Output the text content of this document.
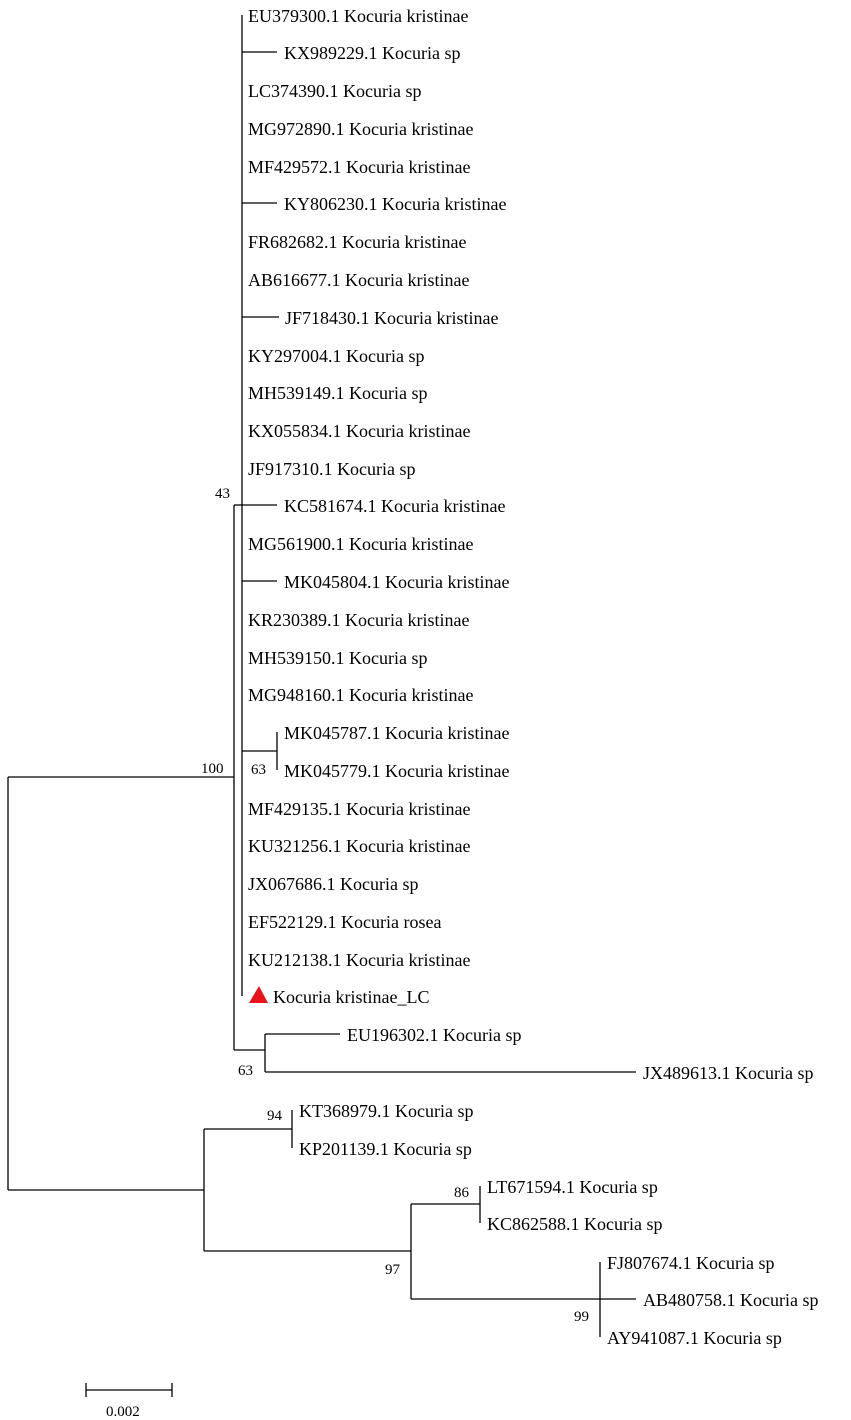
EU379300.1 Kocuria kristinae
KX989229.1 Kocuria sp
LC374390.1 Kocuria sp
MG972890.1 Kocuria kristinae
MF429572.1 Kocuria kristinae
KY806230.1 Kocuria kristinae
FR682682.1 Kocuria kristinae
AB616677.1 Kocuria kristinae
JF718430.1 Kocuria kristinae
KY297004.1 Kocuria sp
MH539149.1 Kocuria sp
KX055834.1 Kocuria kristinae
JF917310.1 Kocuria sp
KC581674.1 Kocuria kristinae
MG561900.1 Kocuria kristinae
MK045804.1 Kocuria kristinae
KR230389.1 Kocuria kristinae
MH539150.1 Kocuria sp
MG948160.1 Kocuria kristinae
MK045787.1 Kocuria kristinae
MK045779.1 Kocuria kristinae
MF429135.1 Kocuria kristinae
KU321256.1 Kocuria kristinae
JX067686.1 Kocuria sp
EF522129.1 Kocuria rosea
KU212138.1 Kocuria kristinae
Kocuria kristinae_LC
EU196302.1 Kocuria sp
JX489613.1 Kocuria sp
KT368979.1 Kocuria sp
KP201139.1 Kocuria sp
LT671594.1 Kocuria sp
KC862588.1 Kocuria sp
FJ807674.1 Kocuria sp
AB480758.1 Kocuria sp
AY941087.1 Kocuria sp
100
43
63
63
94
97
86
99
0.002
